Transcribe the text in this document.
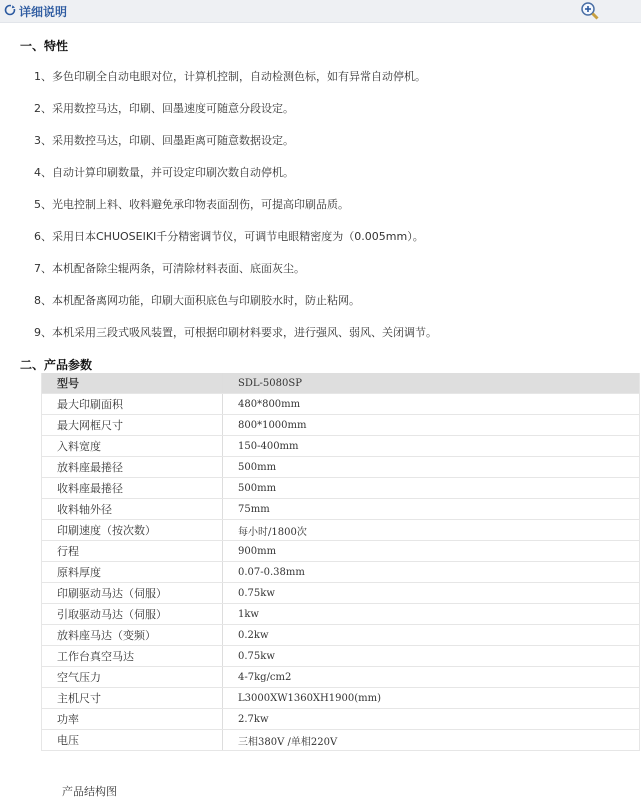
详细说明
一、特性
1、多色印刷全自动电眼对位，计算机控制，自动检测色标，如有异常自动停机。
2、采用数控马达，印刷、回墨速度可随意分段设定。
3、采用数控马达，印刷、回墨距离可随意数据设定。
4、自动计算印刷数量，并可设定印刷次数自动停机。
5、光电控制上料、收料避免承印物表面刮伤，可提高印刷品质。
6、采用日本CHUOSEIKI千分精密调节仪，可调节电眼精密度为（0.005mm）。
7、本机配备除尘辊两条，可清除材料表面、底面灰尘。
8、本机配备离网功能，印刷大面积底色与印刷胶水时，防止粘网。
9、本机采用三段式吸风装置，可根据印刷材料要求，进行强风、弱风、关闭调节。
二、产品参数
型号	SDL-5080SP
最大印刷面积	480*800mm
最大网框尺寸	800*1000mm
入料宽度	150-400mm
放料座最捲径	500mm
收料座最捲径	500mm
收料轴外径	75mm
印刷速度（按次数）	每小时/1800次
行程	900mm
原料厚度	0.07-0.38mm
印刷驱动马达（伺服）	0.75kw
引取驱动马达（伺服）	1kw
放料座马达（变频）	0.2kw
工作台真空马达	0.75kw
空气压力	4-7kg/cm2
主机尺寸	L3000XW1360XH1900(mm)
功率	2.7kw
电压	三相380V /单相220V
产品结构图
